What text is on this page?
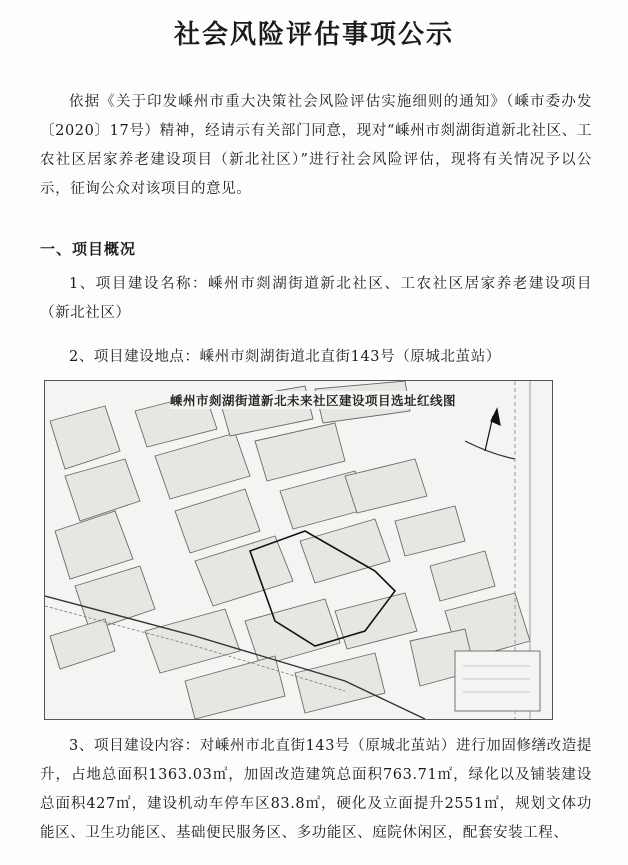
社会风险评估事项公示
依据《关于印发嵊州市重大决策社会风险评估实施细则的通知》（嵊市委办发〔2020〕17号）精神，经请示有关部门同意，现对“嵊州市剡湖街道新北社区、工农社区居家养老建设项目（新北社区）”进行社会风险评估，现将有关情况予以公示，征询公众对该项目的意见。
一、项目概况
1、项目建设名称：嵊州市剡湖街道新北社区、工农社区居家养老建设项目（新北社区）
2、项目建设地点：嵊州市剡湖街道北直街143号（原城北茧站）
嵊州市剡湖街道新北未来社区建设项目选址红线图
3、项目建设内容：对嵊州市北直街143号（原城北茧站）进行加固修缮改造提升，占地总面积1363.03㎡，加固改造建筑总面积763.71㎡，绿化以及铺装建设总面积427㎡，建设机动车停车区83.8㎡，硬化及立面提升2551㎡，规划文体功能区、卫生功能区、基础便民服务区、多功能区、庭院休闲区，配套安装工程、
